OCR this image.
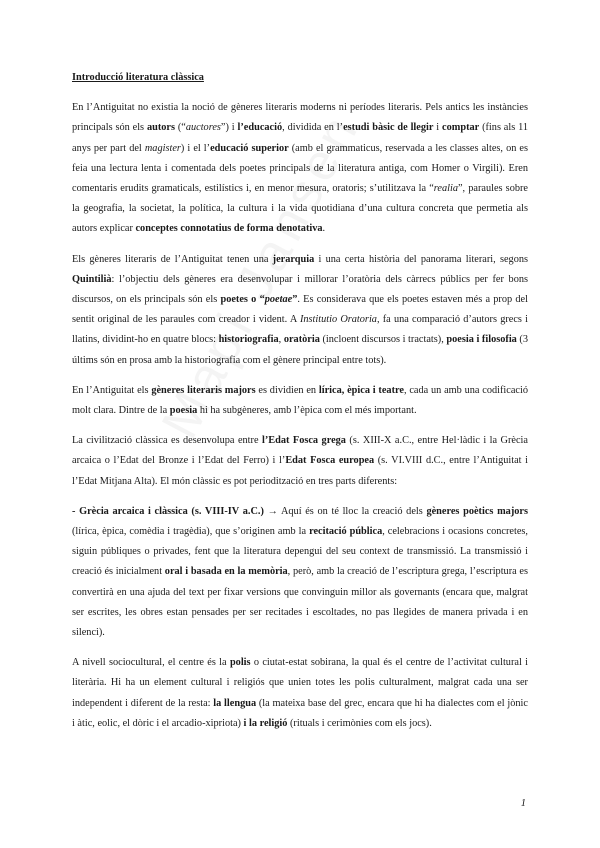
Introducció literatura clàssica

En l’Antiguitat no existia la noció de gèneres literaris moderns ni períodes literaris. Pels antics les instàncies principals són els autors (“auctores”) i l’educació, dividida en l’estudi bàsic de llegir i comptar (fins als 11 anys per part del magister) i el l’educació superior (amb el grammaticus, reservada a les classes altes, on es feia una lectura lenta i comentada dels poetes principals de la literatura antiga, com Homer o Virgili). Eren comentaris erudits gramaticals, estilístics i, en menor mesura, oratoris; s’utilitzava la “realia”, paraules sobre la geografia, la societat, la política, la cultura i la vida quotidiana d’una cultura concreta que permetia als autors explicar conceptes connotatius de forma denotativa.

Els gèneres literaris de l’Antiguitat tenen una jerarquia i una certa història del panorama literari, segons Quintilià: l’objectiu dels gèneres era desenvolupar i millorar l’oratòria dels càrrecs públics per fer bons discursos, on els principals són els poetes o “poetae”. Es considerava que els poetes estaven més a prop del sentit original de les paraules com creador i vident. A Institutio Oratoria, fa una comparació d’autors grecs i llatins, dividint-ho en quatre blocs: historiografia, oratòria (incloent discursos i tractats), poesia i filosofia (3 últims són en prosa amb la historiografia com el gènere principal entre tots).

En l’Antiguitat els gèneres literaris majors es dividien en lírica, èpica i teatre, cada un amb una codificació molt clara. Dintre de la poesia hi ha subgèneres, amb l’èpica com el més important.

La civilització clàssica es desenvolupa entre l’Edat Fosca grega (s. XIII-X a.C., entre Hel·làdic i la Grècia arcaica o l’Edat del Bronze i l’Edat del Ferro) i l’Edat Fosca europea (s. VI.VIII d.C., entre l’Antiguitat i l’Edat Mitjana Alta). El món clàssic es pot periodització en tres parts diferents:

- Grècia arcaica i clàssica (s. VIII-IV a.C.) → Aquí és on té lloc la creació dels gèneres poètics majors (lírica, èpica, comèdia i tragèdia), que s’originen amb la recitació pública, celebracions i ocasions concretes, siguin públiques o privades, fent que la literatura depengui del seu context de transmissió. La transmissió i creació és inicialment oral i basada en la memòria, però, amb la creació de l’escriptura grega, l’escriptura es convertirà en una ajuda del text per fixar versions que convinguin millor als governants (encara que, malgrat ser escrites, les obres estan pensades per ser recitades i escoltades, no pas llegides de manera privada i en silenci).

A nivell sociocultural, el centre és la polis o ciutat-estat sobirana, la qual és el centre de l’activitat cultural i literària. Hi ha un element cultural i religiós que unien totes les polis culturalment, malgrat cada una ser independent i diferent de la resta: la llengua (la mateixa base del grec, encara que hi ha dialectes com el jònic i àtic, eolic, el dòric i el arcadio-xipriota) i la religió (rituals i cerimònies com els jocs).

1
